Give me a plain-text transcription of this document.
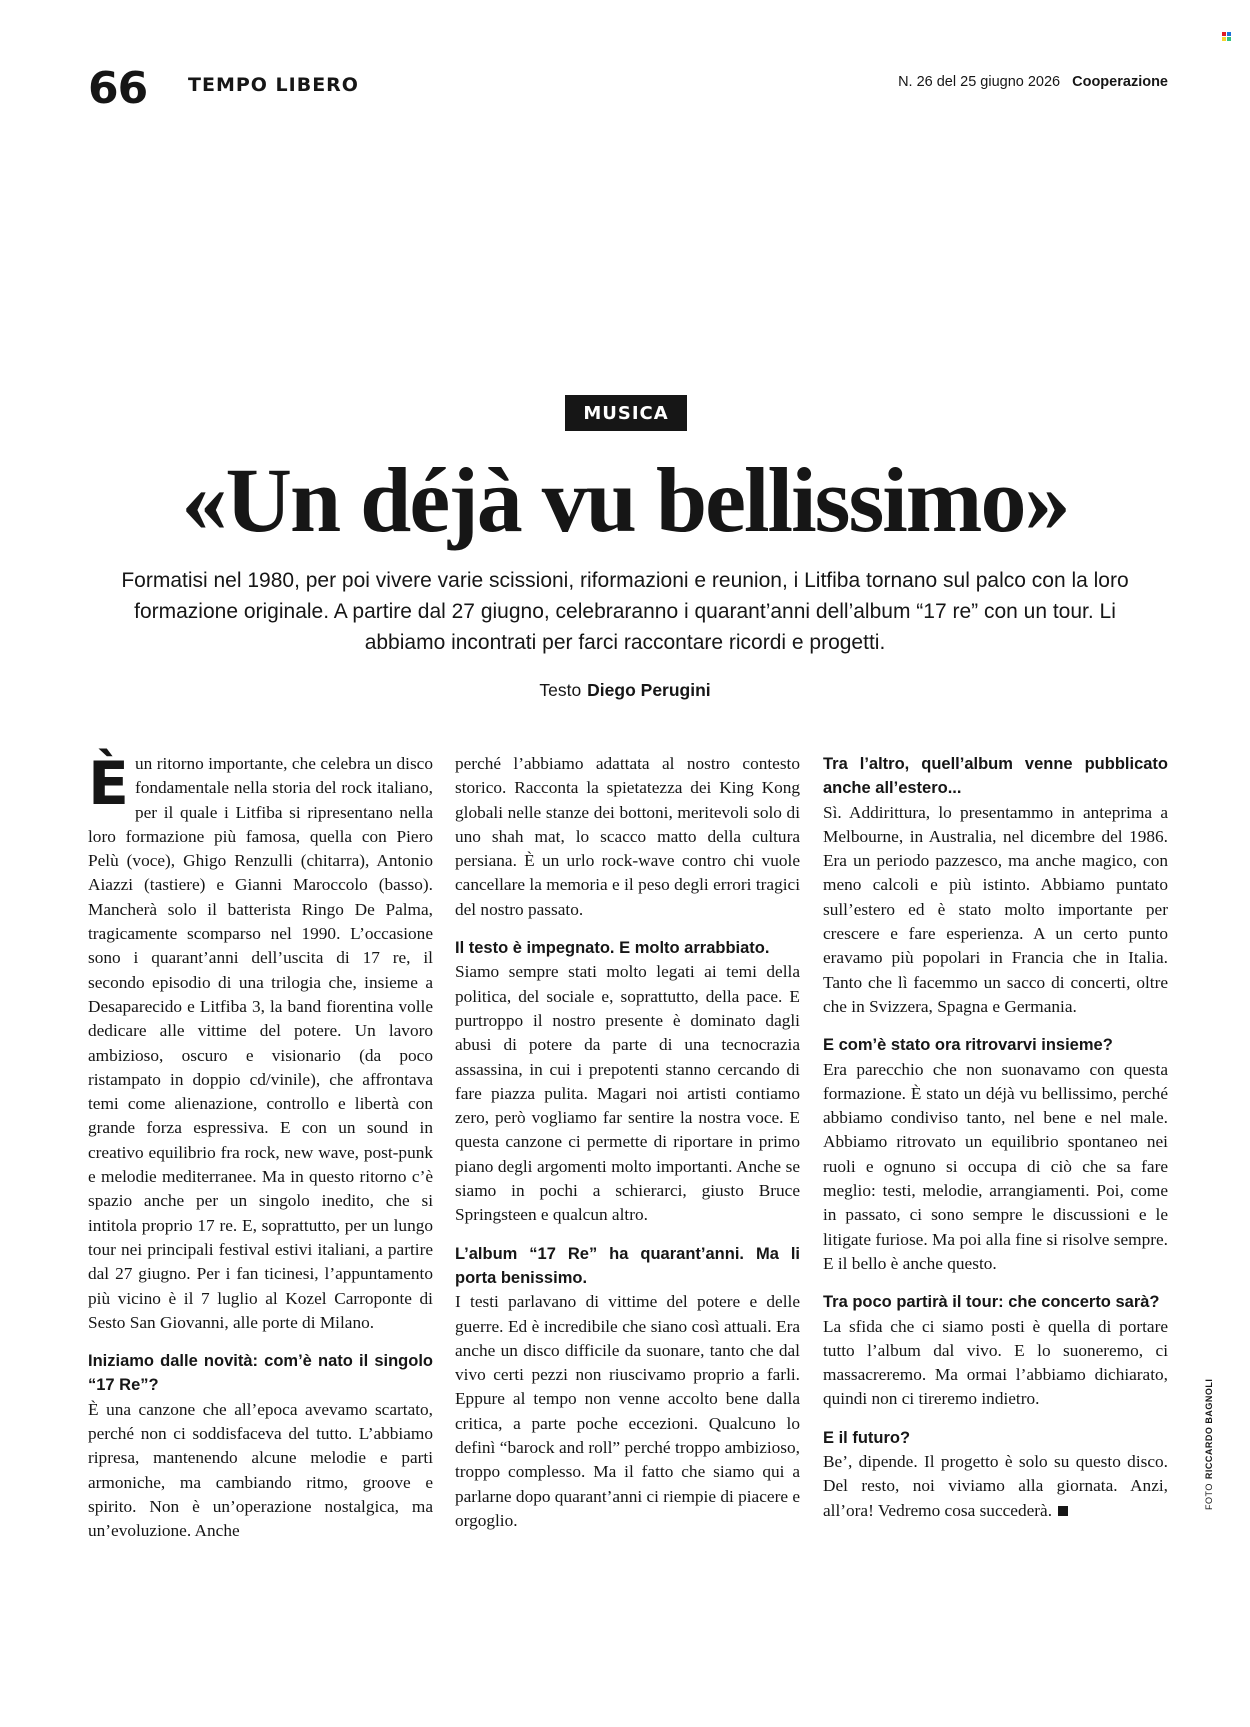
66 TEMPO LIBERO	N. 26 del 25 giugno 2026 Cooperazione
MUSICA
«Un déjà vu bellissimo»

Formatisi nel 1980, per poi vivere varie scissioni, riformazioni e reunion, i Litfiba tornano sul palco con la loro formazione originale. A partire dal 27 giugno, celebraranno i quarant’anni dell’album “17 re” con un tour. Li abbiamo incontrati per farci raccontare ricordi e progetti.

Testo Diego Perugini

Èun ritorno importante, che celebra un disco fondamentale nella storia del rock italiano, per il quale i Litfiba si ripresentano nella loro formazione più famosa, quella con Piero Pelù (voce), Ghigo Renzulli (chitarra), Antonio Aiazzi (tastiere) e Gianni Maroccolo (basso). Mancherà solo il batterista Ringo De Palma, tragicamente scomparso nel 1990. L’occasione sono i quarant’anni dell’uscita di 17 re, il secondo episodio di una trilogia che, insieme a Desaparecido e Litfiba 3, la band fiorentina volle dedicare alle vittime del potere. Un lavoro ambizioso, oscuro e visionario (da poco ristampato in doppio cd/vinile), che affrontava temi come alienazione, controllo e libertà con grande forza espressiva. E con un sound in creativo equilibrio fra rock, new wave, post-punk e melodie mediterranee. Ma in questo ritorno c’è spazio anche per un singolo inedito, che si intitola proprio 17 re. E, soprattutto, per un lungo tour nei principali festival estivi italiani, a partire dal 27 giugno. Per i fan ticinesi, l’appuntamento più vicino è il 7 luglio al Kozel Carroponte di Sesto San Giovanni, alle porte di Milano.

Iniziamo dalle novità: com’è nato il singolo “17 Re”?

È una canzone che all’epoca avevamo scartato, perché non ci soddisfaceva del tutto. L’abbiamo ripresa, mantenendo alcune melodie e parti armoniche, ma cambiando ritmo, groove e spirito. Non è un’operazione nostalgica, ma un’evoluzione. Anche

perché l’abbiamo adattata al nostro contesto storico. Racconta la spietatezza dei King Kong globali nelle stanze dei bottoni, meritevoli solo di uno shah mat, lo scacco matto della cultura persiana. È un urlo rock-wave contro chi vuole cancellare la memoria e il peso degli errori tragici del nostro passato.

Il testo è impegnato. E molto arrabbiato.

Siamo sempre stati molto legati ai temi della politica, del sociale e, soprattutto, della pace. E purtroppo il nostro presente è dominato dagli abusi di potere da parte di una tecnocrazia assassina, in cui i prepotenti stanno cercando di fare piazza pulita. Magari noi artisti contiamo zero, però vogliamo far sentire la nostra voce. E questa canzone ci permette di riportare in primo piano degli argomenti molto importanti. Anche se siamo in pochi a schierarci, giusto Bruce Springsteen e qualcun altro.

L’album “17 Re” ha quarant’anni. Ma li porta benissimo.

I testi parlavano di vittime del potere e delle guerre. Ed è incredibile che siano così attuali. Era anche un disco difficile da suonare, tanto che dal vivo certi pezzi non riuscivamo proprio a farli. Eppure al tempo non venne accolto bene dalla critica, a parte poche eccezioni. Qualcuno lo definì “barock and roll” perché troppo ambizioso, troppo complesso. Ma il fatto che siamo qui a parlarne dopo quarant’anni ci riempie di piacere e orgoglio.

Tra l’altro, quell’album venne pubblicato anche all’estero...

Sì. Addirittura, lo presentammo in anteprima a Melbourne, in Australia, nel dicembre del 1986. Era un periodo pazzesco, ma anche magico, con meno calcoli e più istinto. Abbiamo puntato sull’estero ed è stato molto importante per crescere e fare esperienza. A un certo punto eravamo più popolari in Francia che in Italia. Tanto che lì facemmo un sacco di concerti, oltre che in Svizzera, Spagna e Germania.

E com’è stato ora ritrovarvi insieme?

Era parecchio che non suonavamo con questa formazione. È stato un déjà vu bellissimo, perché abbiamo condiviso tanto, nel bene e nel male. Abbiamo ritrovato un equilibrio spontaneo nei ruoli e ognuno si occupa di ciò che sa fare meglio: testi, melodie, arrangiamenti. Poi, come in passato, ci sono sempre le discussioni e le litigate furiose. Ma poi alla fine si risolve sempre. E il bello è anche questo.

Tra poco partirà il tour: che concerto sarà?

La sfida che ci siamo posti è quella di portare tutto l’album dal vivo. E lo suoneremo, ci massacreremo. Ma ormai l’abbiamo dichiarato, quindi non ci tireremo indietro.

E il futuro?

Be’, dipende. Il progetto è solo su questo disco. Del resto, noi viviamo alla giornata. Anzi, all’ora! Vedremo cosa succederà.

FOTORICCARDO BAGNOLI
